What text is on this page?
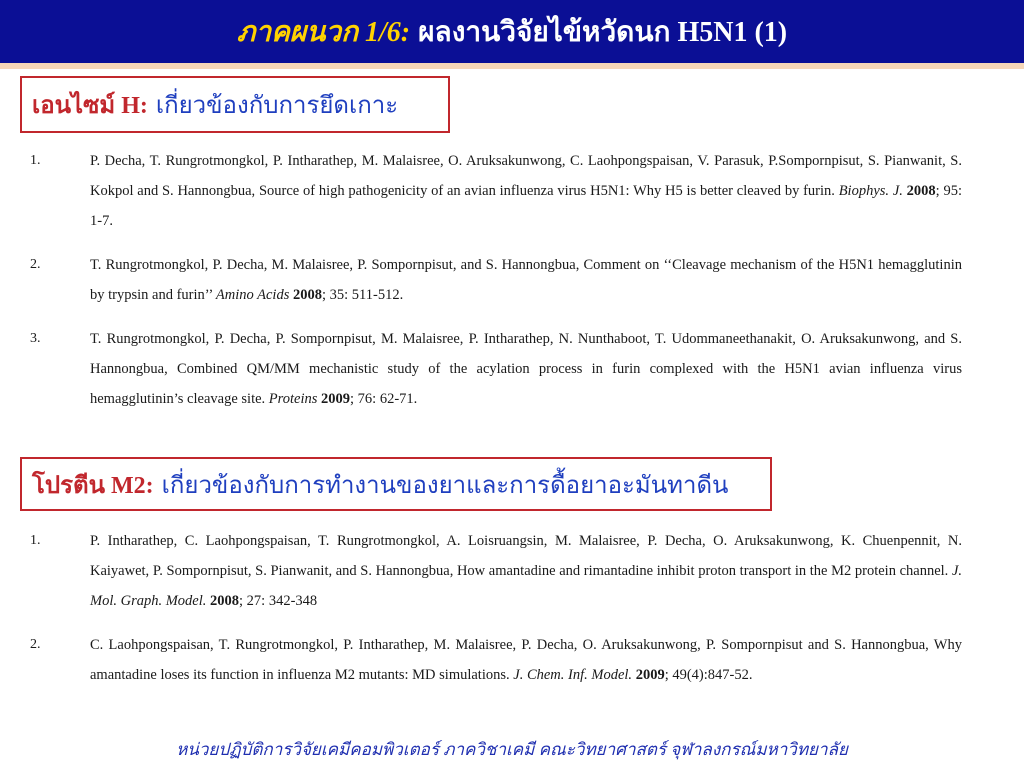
ภาคผนวก 1/6: ผลงานวิจัยไข้หวัดนก H5N1 (1)
เอนไซม์ H: เกี่ยวข้องกับการยึดเกาะ
1.	P. Decha, T. Rungrotmongkol, P. Intharathep, M. Malaisree, O. Aruksakunwong, C. Laohpongspaisan, V. Parasuk, P.Sompornpisut, S. Pianwanit, S. Kokpol and S. Hannongbua, Source of high pathogenicity of an avian influenza virus H5N1: Why H5 is better cleaved by furin. Biophys. J. 2008; 95: 1-7.
2.	T. Rungrotmongkol, P. Decha, M. Malaisree, P. Sompornpisut, and S. Hannongbua, Comment on ‘‘Cleavage mechanism of the H5N1 hemagglutinin by trypsin and furin’’ Amino Acids 2008; 35: 511-512.
3.	T. Rungrotmongkol, P. Decha, P. Sompornpisut, M. Malaisree, P. Intharathep, N. Nunthaboot, T. Udommaneethanakit, O. Aruksakunwong, and S. Hannongbua, Combined QM/MM mechanistic study of the acylation process in furin complexed with the H5N1 avian influenza virus hemagglutinin’s cleavage site. Proteins 2009; 76: 62-71.
โปรตีน M2: เกี่ยวข้องกับการทำงานของยาและการดื้อยาอะมันทาดีน
1.	P. Intharathep, C. Laohpongspaisan, T. Rungrotmongkol, A. Loisruangsin, M. Malaisree, P. Decha, O. Aruksakunwong, K. Chuenpennit, N. Kaiyawet, P. Sompornpisut, S. Pianwanit, and S. Hannongbua, How amantadine and rimantadine inhibit proton transport in the M2 protein channel. J. Mol. Graph. Model. 2008; 27: 342-348
2.	C. Laohpongspaisan, T. Rungrotmongkol, P. Intharathep, M. Malaisree, P. Decha, O. Aruksakunwong, P. Sompornpisut and S. Hannongbua, Why amantadine loses its function in influenza M2 mutants: MD simulations. J. Chem. Inf. Model. 2009; 49(4):847-52.
หน่วยปฏิบัติการวิจัยเคมีคอมพิวเตอร์ ภาควิชาเคมี คณะวิทยาศาสตร์ จุฬาลงกรณ์มหาวิทยาลัย
